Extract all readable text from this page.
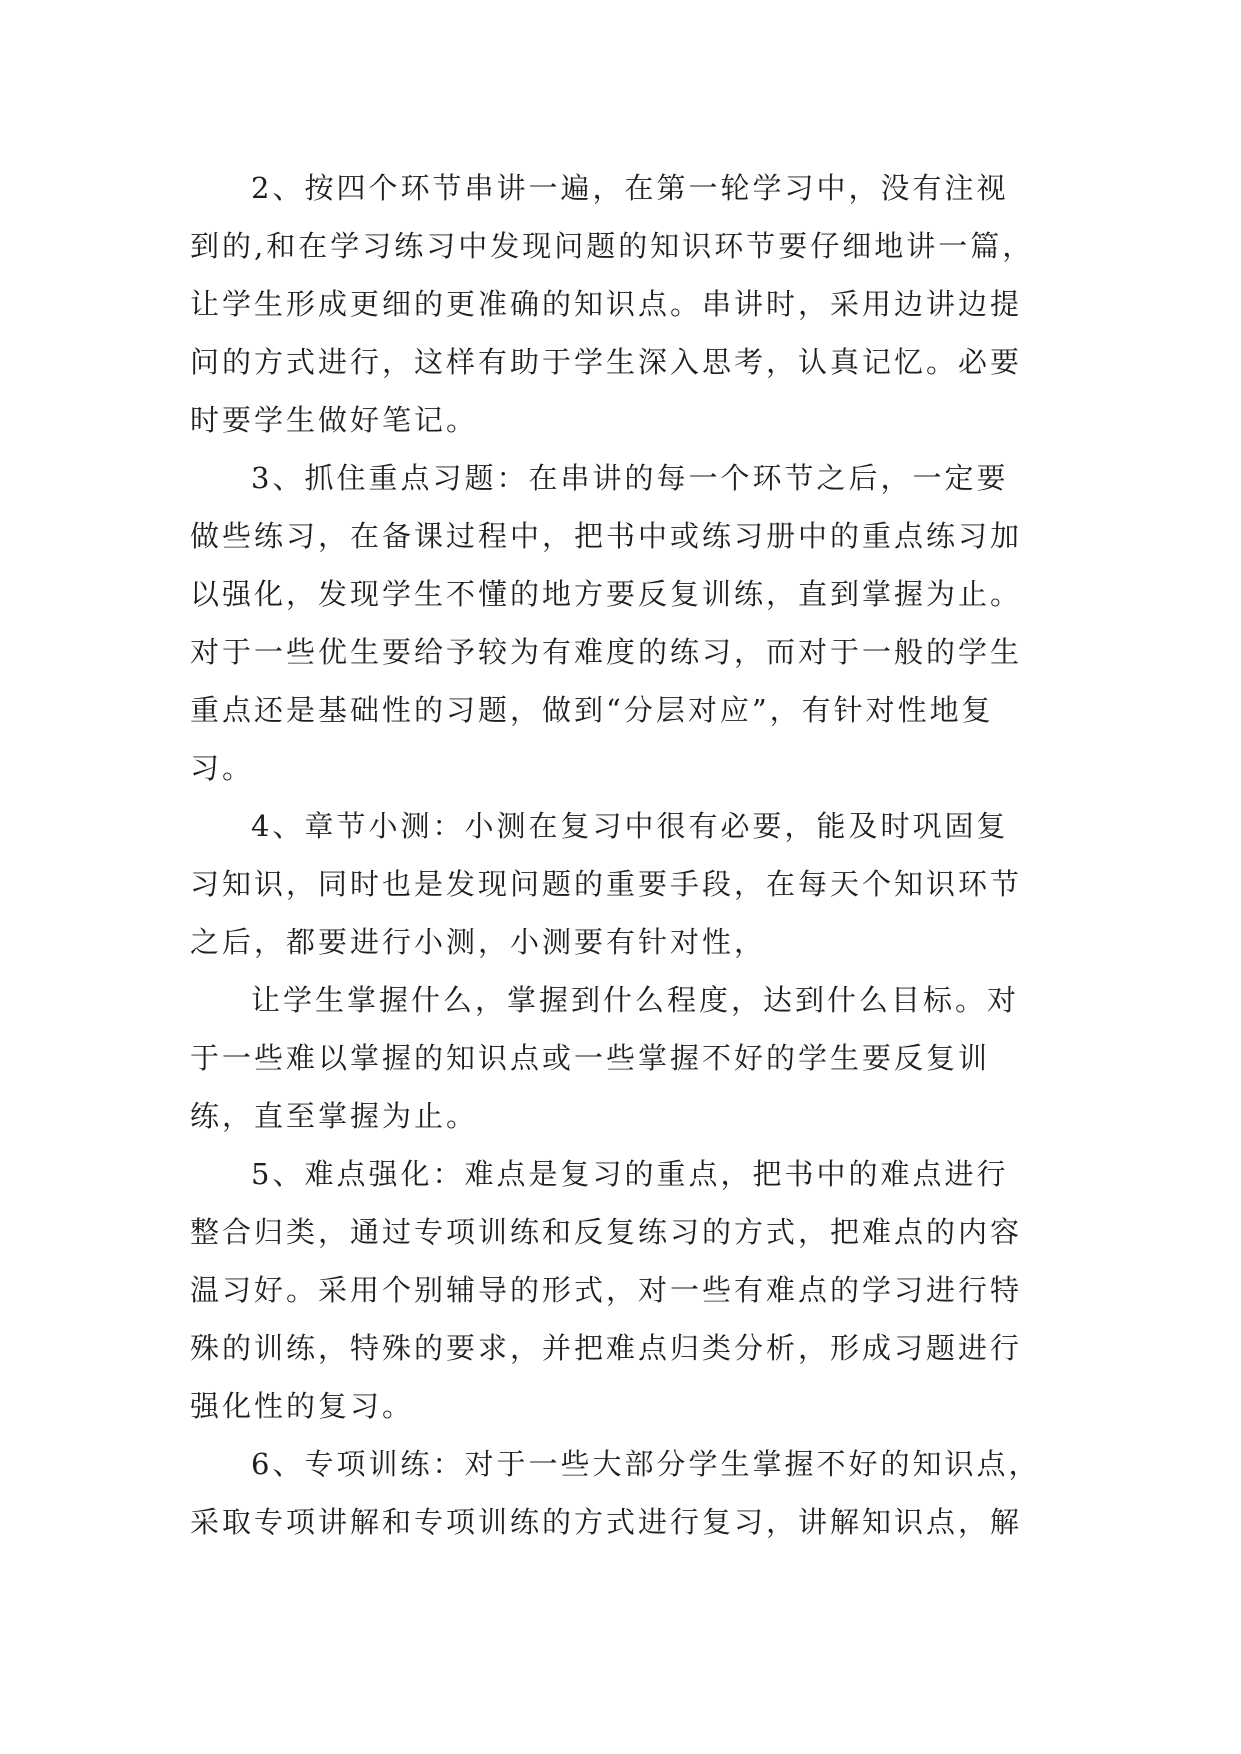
2、按四个环节串讲一遍，在第一轮学习中，没有注视
到的,和在学习练习中发现问题的知识环节要仔细地讲一篇，
让学生形成更细的更准确的知识点。串讲时，采用边讲边提
问的方式进行，这样有助于学生深入思考，认真记忆。必要
时要学生做好笔记。
3、抓住重点习题：在串讲的每一个环节之后，一定要
做些练习，在备课过程中，把书中或练习册中的重点练习加
以强化，发现学生不懂的地方要反复训练，直到掌握为止。
对于一些优生要给予较为有难度的练习，而对于一般的学生
重点还是基础性的习题，做到“分层对应”，有针对性地复
习。
4、章节小测：小测在复习中很有必要，能及时巩固复
习知识，同时也是发现问题的重要手段，在每天个知识环节
之后，都要进行小测，小测要有针对性，
让学生掌握什么，掌握到什么程度，达到什么目标。对
于一些难以掌握的知识点或一些掌握不好的学生要反复训
练，直至掌握为止。
5、难点强化：难点是复习的重点，把书中的难点进行
整合归类，通过专项训练和反复练习的方式，把难点的内容
温习好。采用个别辅导的形式，对一些有难点的学习进行特
殊的训练，特殊的要求，并把难点归类分析，形成习题进行
强化性的复习。
6、专项训练：对于一些大部分学生掌握不好的知识点，
采取专项讲解和专项训练的方式进行复习，讲解知识点，解
